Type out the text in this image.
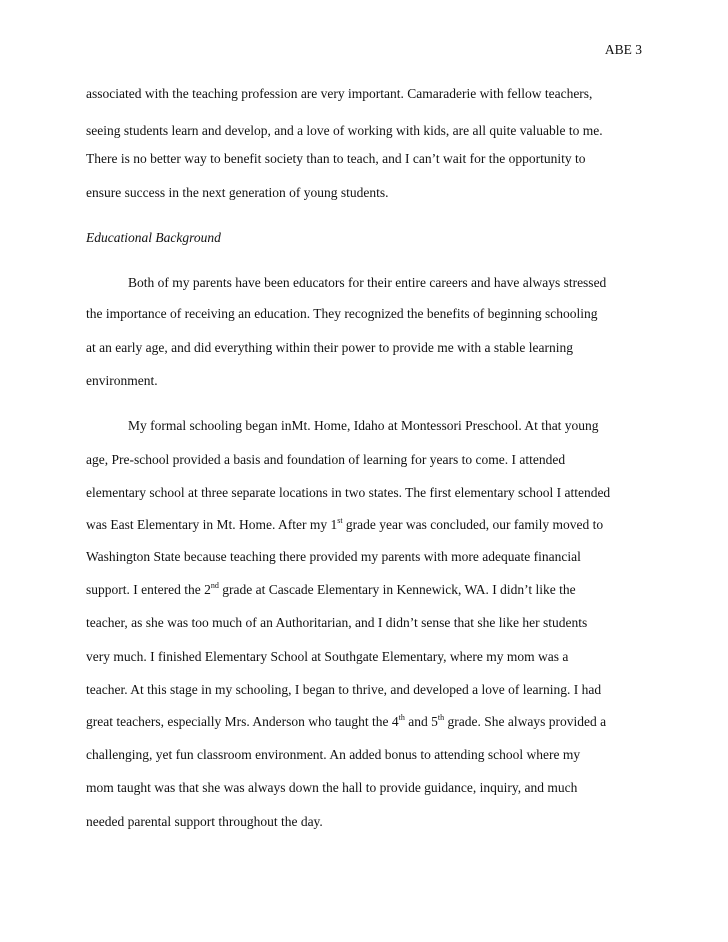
ABE 3
associated with the teaching profession are very important. Camaraderie with fellow teachers,
seeing students learn and develop, and a love of working with kids, are all quite valuable to me.
There is no better way to benefit society than to teach, and I can’t wait for the opportunity to
ensure success in the next generation of young students.
Educational Background
Both of my parents have been educators for their entire careers and have always stressed
the importance of receiving an education. They recognized the benefits of beginning schooling
at an early age, and did everything within their power to provide me with a stable learning
environment.
My formal schooling began inMt. Home, Idaho at Montessori Preschool. At that young
age, Pre-school provided a basis and foundation of learning for years to come. I attended
elementary school at three separate locations in two states. The first elementary school I attended
was East Elementary in Mt. Home. After my 1st grade year was concluded, our family moved to
Washington State because teaching there provided my parents with more adequate financial
support. I entered the 2nd grade at Cascade Elementary in Kennewick, WA. I didn’t like the
teacher, as she was too much of an Authoritarian, and I didn’t sense that she like her students
very much. I finished Elementary School at Southgate Elementary, where my mom was a
teacher. At this stage in my schooling, I began to thrive, and developed a love of learning. I had
great teachers, especially Mrs. Anderson who taught the 4th and 5th grade. She always provided a
challenging, yet fun classroom environment. An added bonus to attending school where my
mom taught was that she was always down the hall to provide guidance, inquiry, and much
needed parental support throughout the day.
